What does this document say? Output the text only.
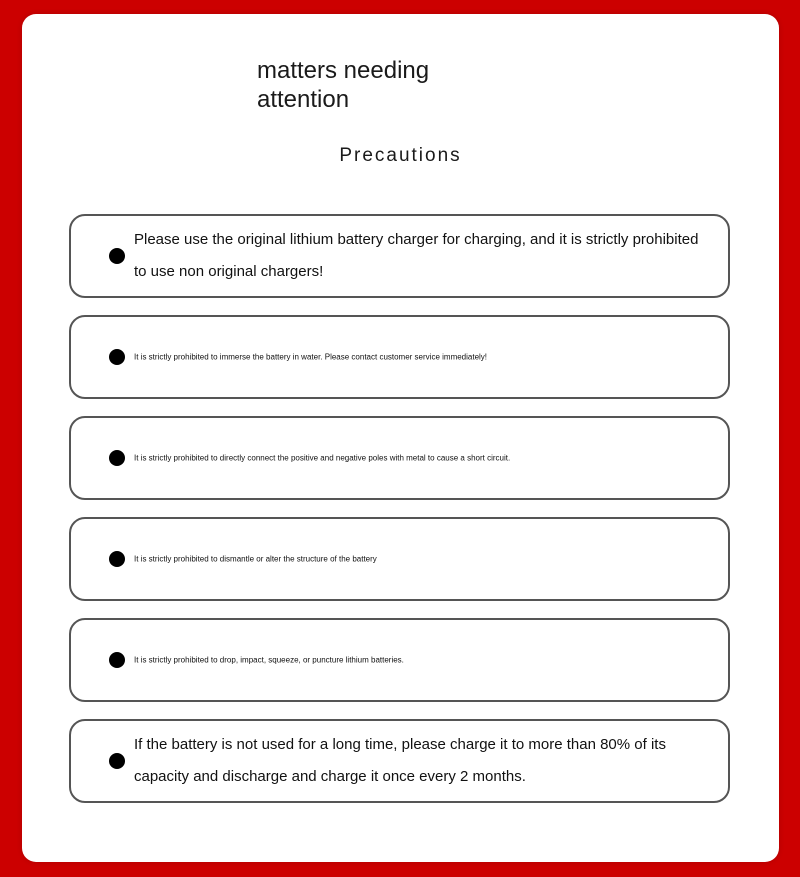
matters needing attention
Precautions
Please use the original lithium battery charger for charging, and it is strictly prohibited to use non original chargers!
It is strictly prohibited to immerse the battery in water. Please contact customer service immediately!
It is strictly prohibited to directly connect the positive and negative poles with metal to cause a short circuit.
It is strictly prohibited to dismantle or alter the structure of the battery
It is strictly prohibited to drop, impact, squeeze, or puncture lithium batteries.
If the battery is not used for a long time, please charge it to more than 80% of its capacity and discharge and charge it once every 2 months.
